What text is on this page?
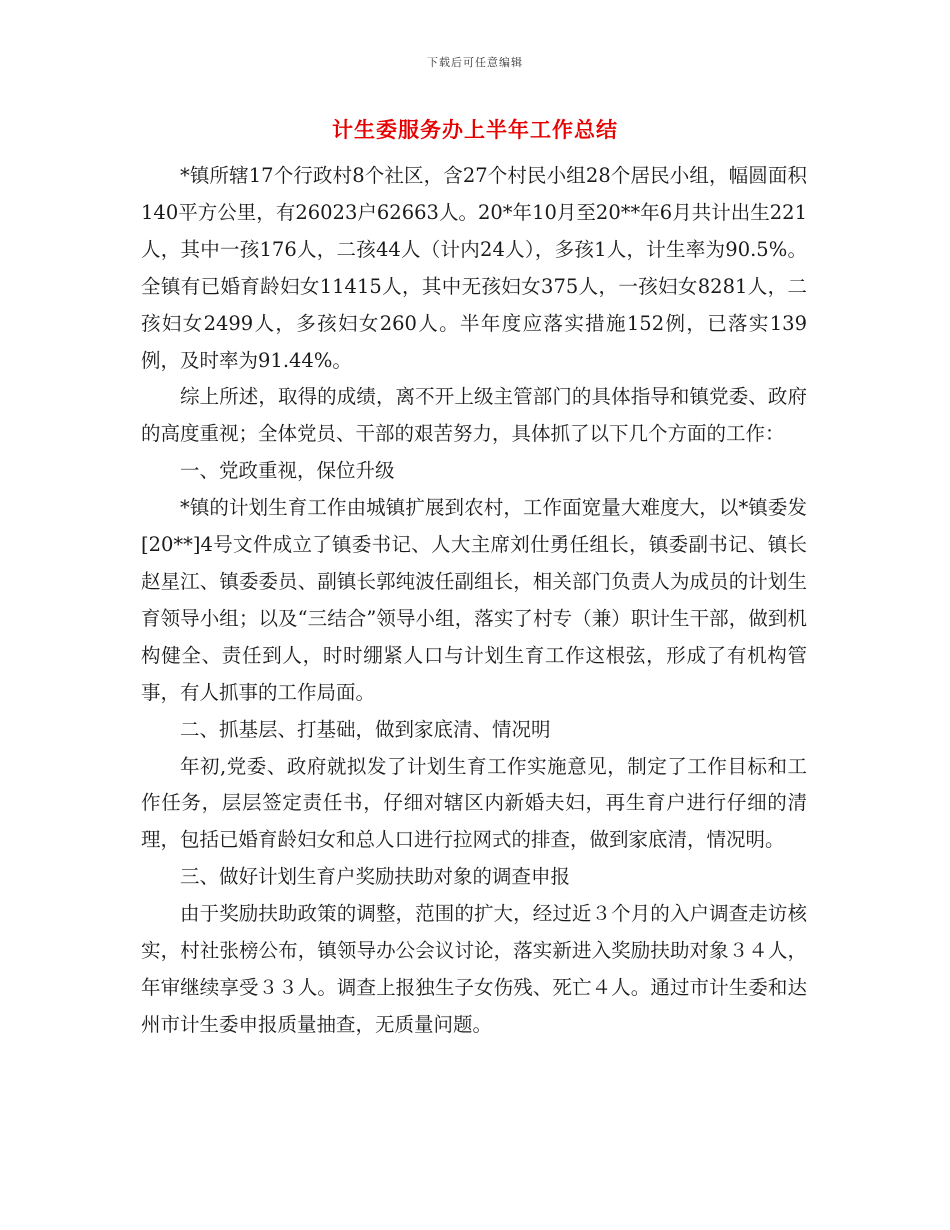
下载后可任意编辑
计生委服务办上半年工作总结

*镇所辖17个行政村8个社区，含27个村民小组28个居民小组，幅圆面积140平方公里，有26023户62663人。20*年10月至20**年6月共计出生221人，其中一孩176人，二孩44人（计内24人），多孩1人，计生率为90.5%。全镇有已婚育龄妇女11415人，其中无孩妇女375人，一孩妇女8281人，二孩妇女2499人，多孩妇女260人。半年度应落实措施152例，已落实139例，及时率为91.44%。

综上所述，取得的成绩，离不开上级主管部门的具体指导和镇党委、政府的高度重视；全体党员、干部的艰苦努力，具体抓了以下几个方面的工作：

一、党政重视，保位升级

*镇的计划生育工作由城镇扩展到农村，工作面宽量大难度大，以*镇委发[20**]4号文件成立了镇委书记、人大主席刘仕勇任组长，镇委副书记、镇长赵星江、镇委委员、副镇长郭纯波任副组长，相关部门负责人为成员的计划生育领导小组；以及“三结合”领导小组，落实了村专（兼）职计生干部，做到机构健全、责任到人，时时绷紧人口与计划生育工作这根弦，形成了有机构管事，有人抓事的工作局面。

二、抓基层、打基础，做到家底清、情况明

年初,党委、政府就拟发了计划生育工作实施意见，制定了工作目标和工作任务，层层签定责任书，仔细对辖区内新婚夫妇，再生育户进行仔细的清理，包括已婚育龄妇女和总人口进行拉网式的排查，做到家底清，情况明。

三、做好计划生育户奖励扶助对象的调查申报

由于奖励扶助政策的调整，范围的扩大，经过近３个月的入户调查走访核实，村社张榜公布，镇领导办公会议讨论，落实新进入奖励扶助对象３４人，年审继续享受３３人。调查上报独生子女伤残、死亡４人。通过市计生委和达州市计生委申报质量抽查，无质量问题。
